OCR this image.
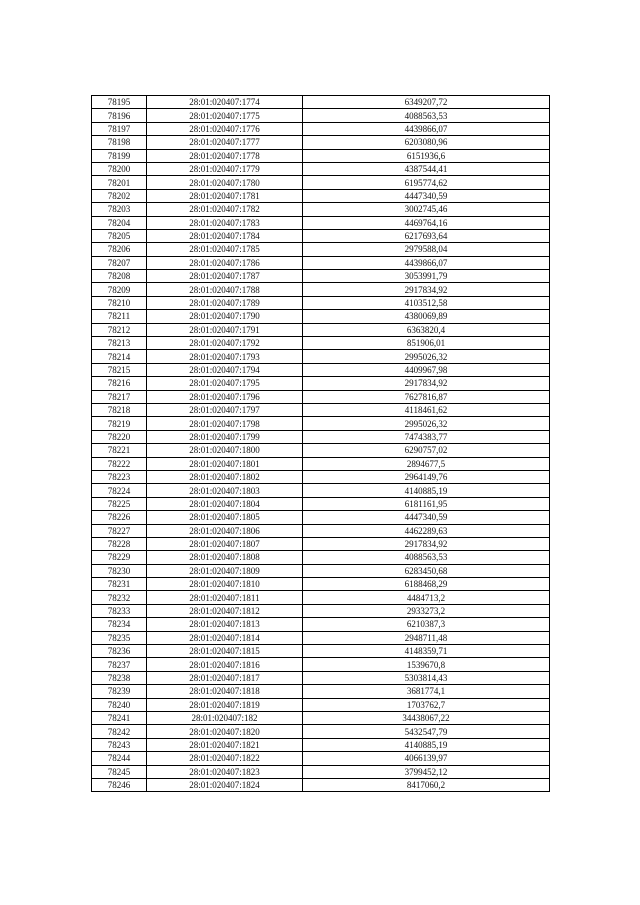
78195	28:01:020407:1774	6349207,72
78196	28:01:020407:1775	4088563,53
78197	28:01:020407:1776	4439866,07
78198	28:01:020407:1777	6203080,96
78199	28:01:020407:1778	6151936,6
78200	28:01:020407:1779	4387544,41
78201	28:01:020407:1780	6195774,62
78202	28:01:020407:1781	4447340,59
78203	28:01:020407:1782	3002745,46
78204	28:01:020407:1783	4469764,16
78205	28:01:020407:1784	6217693,64
78206	28:01:020407:1785	2979588,04
78207	28:01:020407:1786	4439866,07
78208	28:01:020407:1787	3053991,79
78209	28:01:020407:1788	2917834,92
78210	28:01:020407:1789	4103512,58
78211	28:01:020407:1790	4380069,89
78212	28:01:020407:1791	6363820,4
78213	28:01:020407:1792	851906,01
78214	28:01:020407:1793	2995026,32
78215	28:01:020407:1794	4409967,98
78216	28:01:020407:1795	2917834,92
78217	28:01:020407:1796	7627816,87
78218	28:01:020407:1797	4118461,62
78219	28:01:020407:1798	2995026,32
78220	28:01:020407:1799	7474383,77
78221	28:01:020407:1800	6290757,02
78222	28:01:020407:1801	2894677,5
78223	28:01:020407:1802	2964149,76
78224	28:01:020407:1803	4140885,19
78225	28:01:020407:1804	6181161,95
78226	28:01:020407:1805	4447340,59
78227	28:01:020407:1806	4462289,63
78228	28:01:020407:1807	2917834,92
78229	28:01:020407:1808	4088563,53
78230	28:01:020407:1809	6283450,68
78231	28:01:020407:1810	6188468,29
78232	28:01:020407:1811	4484713,2
78233	28:01:020407:1812	2933273,2
78234	28:01:020407:1813	6210387,3
78235	28:01:020407:1814	2948711,48
78236	28:01:020407:1815	4148359,71
78237	28:01:020407:1816	1539670,8
78238	28:01:020407:1817	5303814,43
78239	28:01:020407:1818	3681774,1
78240	28:01:020407:1819	1703762,7
78241	28:01:020407:182	34438067,22
78242	28:01:020407:1820	5432547,79
78243	28:01:020407:1821	4140885,19
78244	28:01:020407:1822	4066139,97
78245	28:01:020407:1823	3799452,12
78246	28:01:020407:1824	8417060,2
